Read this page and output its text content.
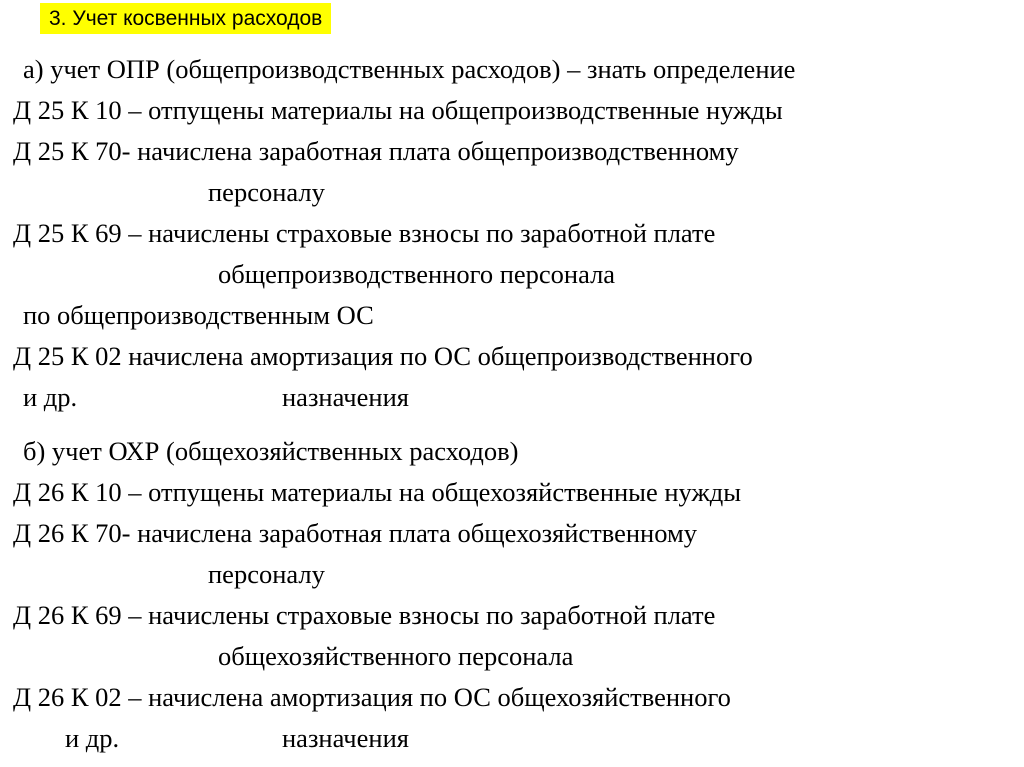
3. Учет косвенных расходов
а) учет ОПР (общепроизводственных расходов) – знать определение
Д 25 К 10 – отпущены материалы на общепроизводственные нужды
Д 25 К 70- начислена заработная плата общепроизводственному
персоналу
Д 25 К 69 – начислены страховые взносы по заработной плате
общепроизводственного персонала
по общепроизводственным ОС
Д 25 К 02 начислена амортизация по ОС общепроизводственного
и др.	назначения
б) учет ОХР (общехозяйственных расходов)
Д 26 К 10 – отпущены материалы на общехозяйственные нужды
Д 26 К 70- начислена заработная плата общехозяйственному
персоналу
Д 26 К 69 – начислены страховые взносы по заработной плате
общехозяйственного персонала
Д 26 К 02 – начислена амортизация по ОС общехозяйственного
и др.	назначения
